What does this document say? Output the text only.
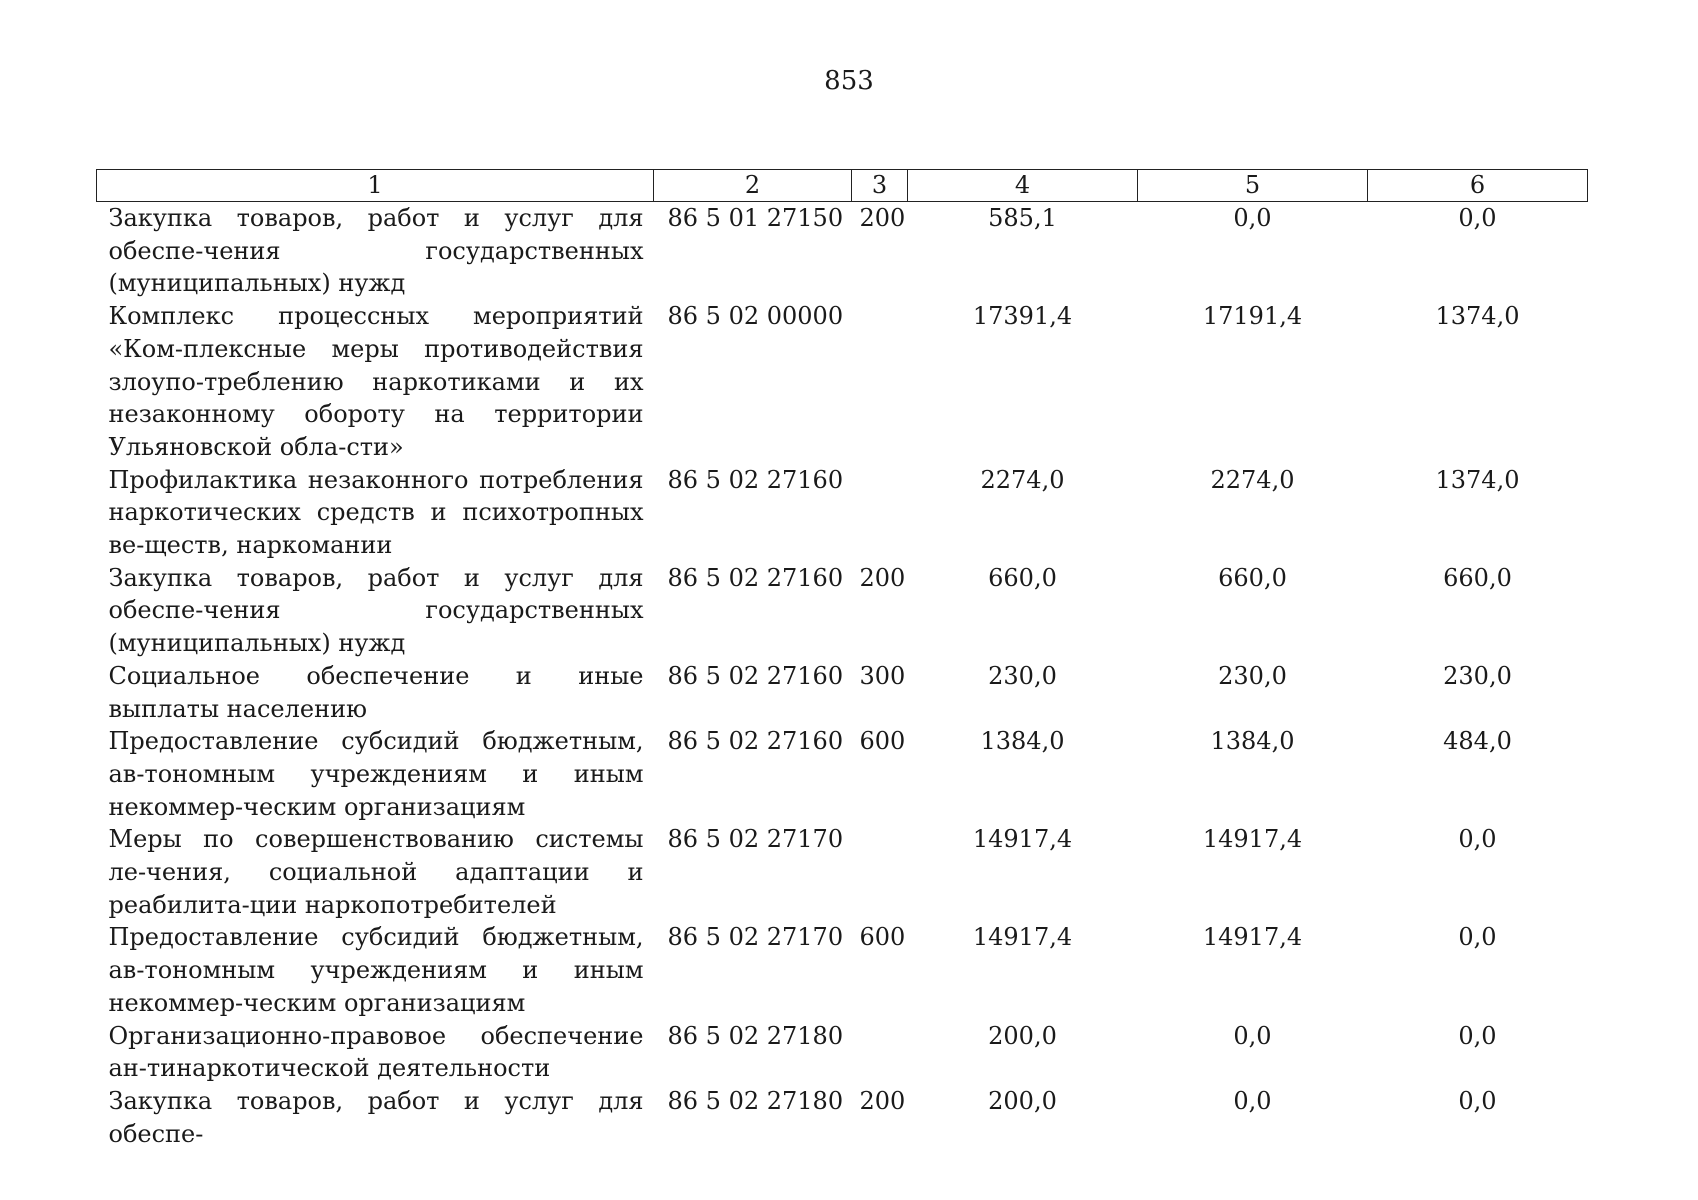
853
1	2	3	4	5	6
Закупка товаров, работ и услуг для обеспе-чения государственных (муниципальных) нужд	86 5 01 27150	200	585,1	0,0	0,0
Комплекс процессных мероприятий «Ком-плексные меры противодействия злоупо-треблению наркотиками и их незаконному обороту на территории Ульяновской обла-сти»	86 5 02 00000		17391,4	17191,4	1374,0
Профилактика незаконного потребления наркотических средств и психотропных ве-ществ, наркомании	86 5 02 27160		2274,0	2274,0	1374,0
Закупка товаров, работ и услуг для обеспе-чения государственных (муниципальных) нужд	86 5 02 27160	200	660,0	660,0	660,0
Социальное обеспечение и иные выплаты населению	86 5 02 27160	300	230,0	230,0	230,0
Предоставление субсидий бюджетным, ав-тономным учреждениям и иным некоммер-ческим организациям	86 5 02 27160	600	1384,0	1384,0	484,0
Меры по совершенствованию системы ле-чения, социальной адаптации и реабилита-ции наркопотребителей	86 5 02 27170		14917,4	14917,4	0,0
Предоставление субсидий бюджетным, ав-тономным учреждениям и иным некоммер-ческим организациям	86 5 02 27170	600	14917,4	14917,4	0,0
Организационно-правовое обеспечение ан-тинаркотической деятельности	86 5 02 27180		200,0	0,0	0,0
Закупка товаров, работ и услуг для обеспе-	86 5 02 27180	200	200,0	0,0	0,0
